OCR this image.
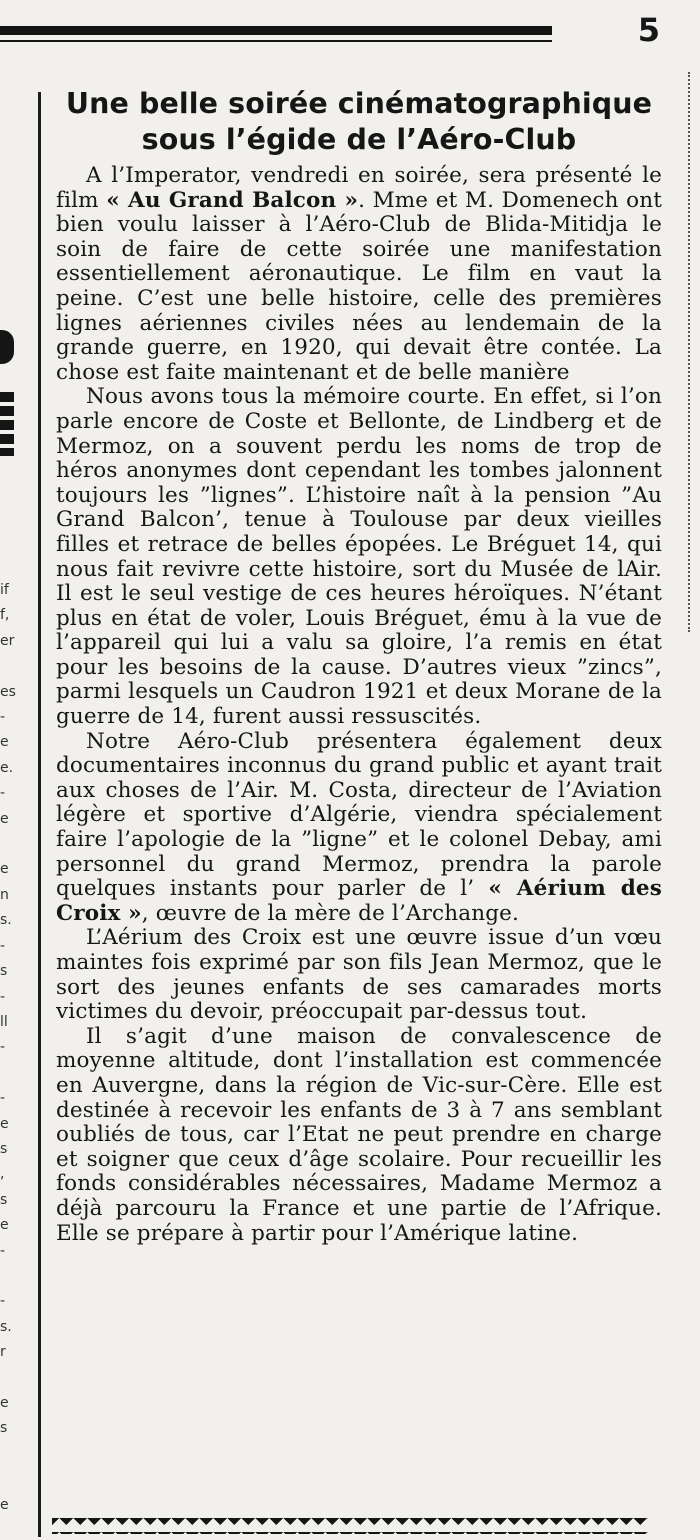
5
if
f,
er

es
-
e
e.
-
e

e
n
s.
-
s
-
ll
-

-
e
s
,
s
e
-

-
s.
r

e
s

e
Une belle soirée cinématographique
sous l’égide de l’Aéro-Club

A l’Imperator, vendredi en soirée, sera présenté le film « Au Grand Balcon ». Mme et M. Domenech ont bien voulu laisser à l’Aéro-Club de Blida-Mitidja le soin de faire de cette soirée une manifestation essentiellement aéronautique. Le film en vaut la peine. C’est une belle histoire, celle des premières lignes aériennes civiles nées au lendemain de la grande guerre, en 1920, qui devait être contée. La chose est faite maintenant et de belle manière

Nous avons tous la mémoire courte. En effet, si l’on parle encore de Coste et Bellonte, de Lindberg et de Mermoz, on a souvent perdu les noms de trop de héros anonymes dont cependant les tombes jalonnent toujours les ”lignes”. L’histoire naît à la pension ”Au Grand Balcon’, tenue à Toulouse par deux vieilles filles et retrace de belles épopées. Le Bréguet 14, qui nous fait revivre cette histoire, sort du Musée de lAir. Il est le seul vestige de ces heures héroïques. N’étant plus en état de voler, Louis Bréguet, ému à la vue de l’appareil qui lui a valu sa gloire, l’a remis en état pour les besoins de la cause. D’autres vieux ”zincs”, parmi lesquels un Caudron 1921 et deux Morane de la guerre de 14, furent aussi ressuscités.

Notre Aéro-Club présentera également deux documentaires inconnus du grand public et ayant trait aux choses de l’Air. M. Costa, directeur de l’Aviation légère et sportive d’Algérie, viendra spécialement faire l’apologie de la ”ligne” et le colonel Debay, ami personnel du grand Mermoz, prendra la parole quelques instants pour parler de l’ « Aérium des Croix », œuvre de la mère de l’Archange.

L’Aérium des Croix est une œuvre issue d’un vœu maintes fois exprimé par son fils Jean Mermoz, que le sort des jeunes enfants de ses camarades morts victimes du devoir, préoccupait par-dessus tout.

Il s’agit d’une maison de convalescence de moyenne altitude, dont l’installation est commencée en Auvergne, dans la région de Vic-sur-Cère. Elle est destinée à recevoir les enfants de 3 à 7 ans semblant oubliés de tous, car l’Etat ne peut prendre en charge et soigner que ceux d’âge scolaire. Pour recueillir les fonds considérables nécessaires, Madame Mermoz a déjà parcouru la France et une partie de l’Afrique. Elle se prépare à partir pour l’Amérique latine.
